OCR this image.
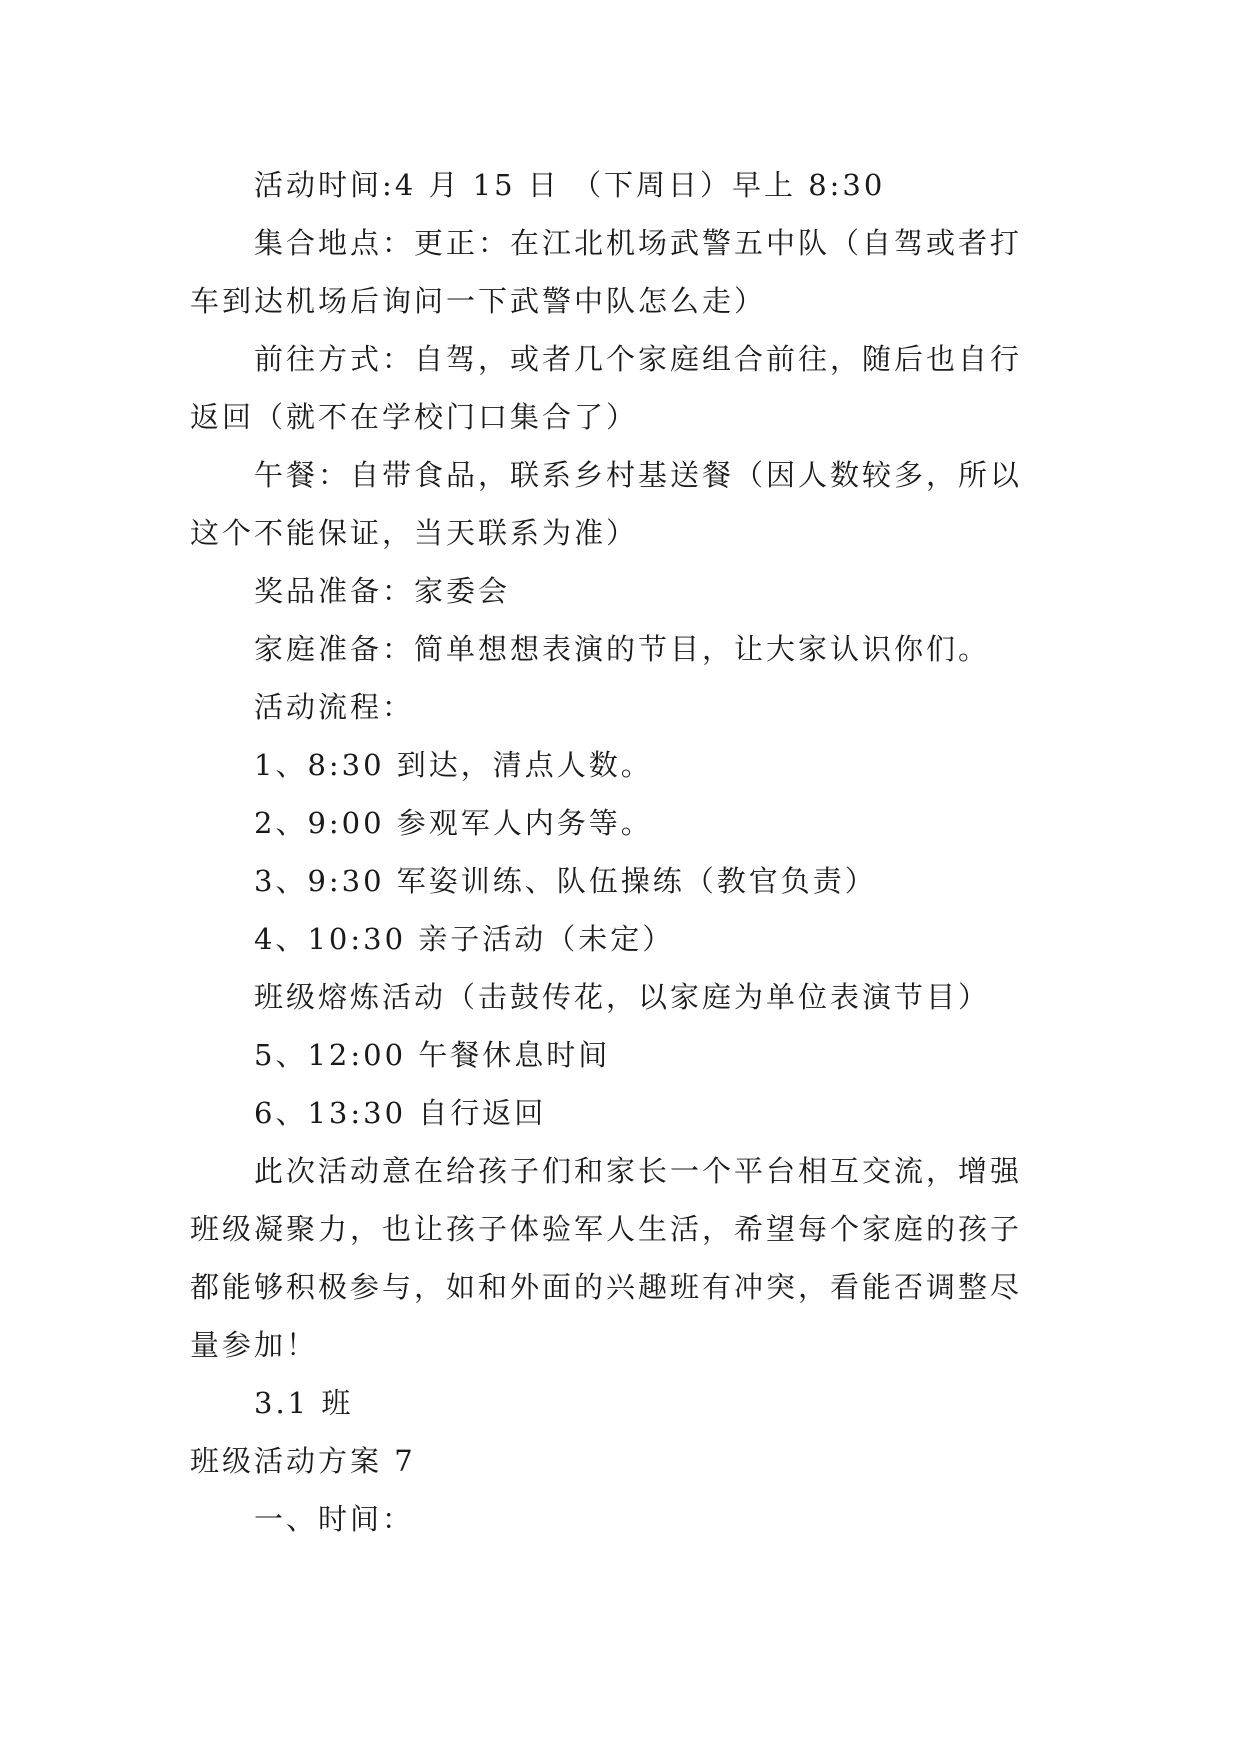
活动时间:4 月 15 日 （下周日）早上 8:30
集合地点：更正：在江北机场武警五中队（自驾或者打
车到达机场后询问一下武警中队怎么走）
前往方式：自驾，或者几个家庭组合前往，随后也自行
返回（就不在学校门口集合了）
午餐：自带食品，联系乡村基送餐（因人数较多，所以
这个不能保证，当天联系为准）
奖品准备：家委会
家庭准备：简单想想表演的节目，让大家认识你们。
活动流程：
1、8:30 到达，清点人数。
2、9:00 参观军人内务等。
3、9:30 军姿训练、队伍操练（教官负责）
4、10:30 亲子活动（未定）
班级熔炼活动（击鼓传花，以家庭为单位表演节目）
5、12:00 午餐休息时间
6、13:30 自行返回
此次活动意在给孩子们和家长一个平台相互交流，增强
班级凝聚力，也让孩子体验军人生活，希望每个家庭的孩子
都能够积极参与，如和外面的兴趣班有冲突，看能否调整尽
量参加！
3.1 班
班级活动方案 7
一、时间：
